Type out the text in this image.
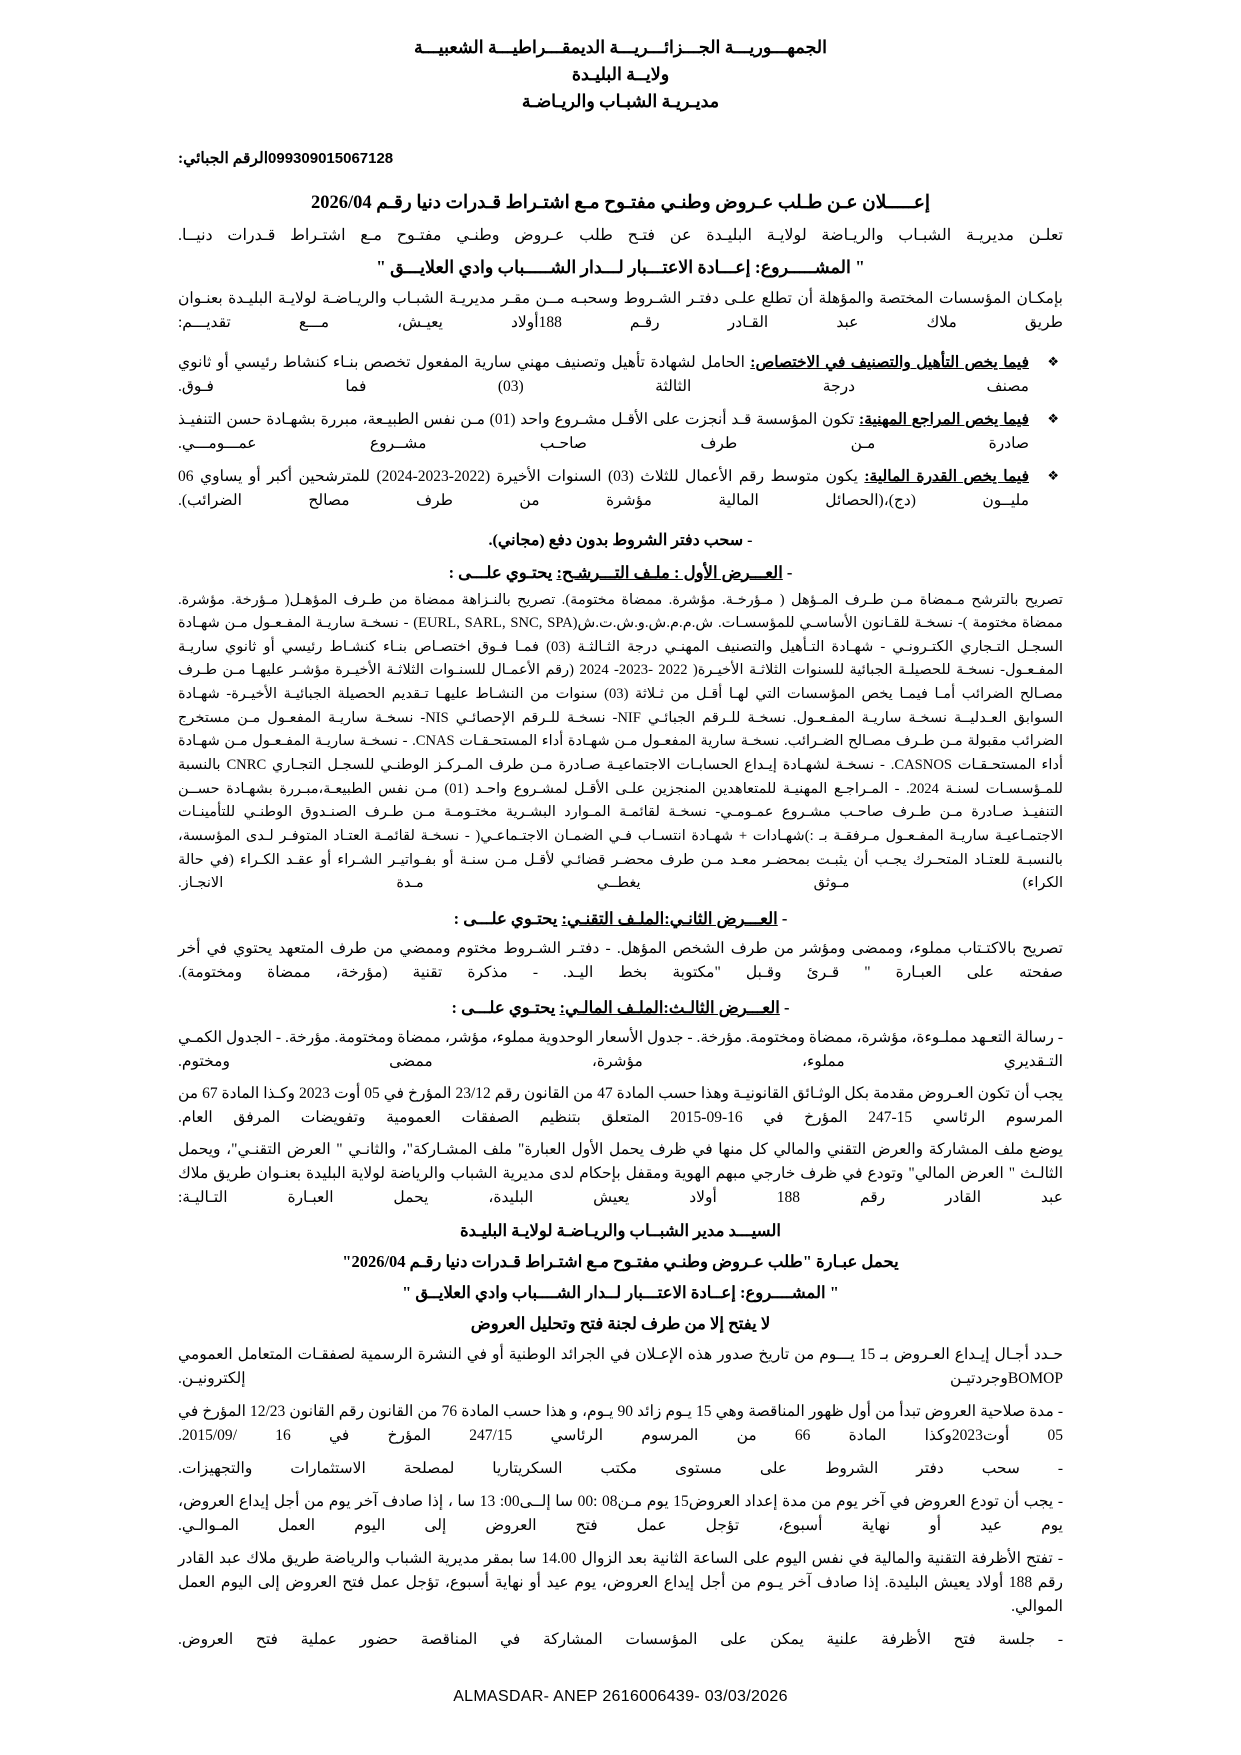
الجمهـــوريـــة الجـــزائـــريـــة الديمقـــراطيـــة الشعبيـــة
ولايــة البليـدة
مديـريـة الشبـاب والريـاضـة
099309015067128الرقم الجبائي:
إعـــــلان عـن طـلب عـروض وطنـي مفتـوح مـع اشتـراط قـدرات دنيا رقـم 2026/04
تعلـن مديريـة الشبـاب والريـاضة لولايـة البليـدة عن فتـح طلب عـروض وطنـي مفتـوح مـع اشتـراط قـدرات دنيــا.
" المشـــــروع: إعـــادة الاعتـــبار لـــدار الشـــــباب وادي العلايـــق "
بإمكـان المؤسسات المختصة والمؤهلة أن تطلع علـى دفتـر الشـروط وسحبـه مــن مقـر مديريـة الشبـاب والريـاضـة لولايـة البليـدة بعنـوان طريق ملاك عبد القـادر رقـم 188أولاد يعيـش، مـــع تقديـــم:
❖
فيما يخص التأهيل والتصنيف في الاختصاص: الحامل لشهادة تأهيل وتصنيف مهني سارية المفعول تخصص بنـاء كنشاط رئيسي أو ثانوي مصنف درجة الثالثة (03) فما فـوق.
❖
فيما يخص المراجع المهنية: تكون المؤسسة قـد أنجزت على الأقـل مشـروع واحد (01) مـن نفس الطبيـعة، مبررة بشهـادة حسن التنفيـذ صادرة مـن طرف صاحـب مشــروع عمـــومـــي.
❖
فيما يخص القدرة المالية: يكون متوسط رقم الأعمال للثلاث (03) السنوات الأخيرة (2022-2023-2024) للمترشحين أكبر أو يساوي 06 مليــون (دج)،(الحصائل المالية مؤشرة من طرف مصالح الضرائب).
- سحب دفتر الشروط بدون دفع (مجاني).
- العـــرض الأول : ملـف التـــرشـح: يحتـوي علـــى :
تصريح بالترشح مـمضاة مـن طـرف المـؤهل ( مـؤرخـة. مؤشرة. ممضاة مختومة). تصريح بالنـزاهة ممضاة من طـرف المؤهـل( مـؤرخة. مؤشرة. ممضاة مختومة )- نسخـة للقـانون الأساسـي للمؤسسـات. ش.م.م.ش.و.ش.ت.ش(EURL, SARL, SNC, SPA) - نسخـة ساريـة المفـعـول مـن شهـادة السجـل التـجاري الكتـرونـي - شهـادة التـأهيل والتصنيف المهنـي درجة الثـالثـة (03) فمـا فـوق اختصـاص بنـاء كنشـاط رئيسي أو ثانوي ساريـة المفـعـول- نسخـة للحصيلـة الجبائية للسنوات الثلاثـة الأخيـرة( 2022 -2023- 2024 (رقم الأعمـال للسنـوات الثلاثـة الأخيـرة مؤشـر عليهـا مـن طـرف مصـالح الضرائب أمـا فيمـا يخص المؤسسات التي لهـا أقـل من ثـلاثة (03) سنوات من النشـاط عليهـا تـقديم الحصيلة الجبائيـة الأخيـرة- شهـادة السوابق العـدليــة نسخـة ساريـة المفـعـول. نسخـة للـرقم الجبائـي NIF- نسخـة للـرقم الإحصائـي NIS- نسخـة ساريـة المفعـول مـن مستخرج الضرائب مقبولة مـن طـرف مصـالح الضـرائب. نسخـة سارية المفعـول مـن شهـادة أداء المستحـقـات CNAS. - نسخـة ساريـة المفـعـول مـن شهـادة أداء المستحـقـات CASNOS. - نسخـة لشهـادة إيـداع الحسابـات الاجتماعيـة صـادرة مـن طرف المـركـز الوطنـي للسجـل التجـاري CNRC بالنسبة للمـؤسسـات لسنـة 2024. - المـراجـع المهنيـة للمتعاهدين المنجزين علـى الأقـل لمشـروع واحـد (01) مـن نفس الطبيعـة،مبـررة بشهـادة حســن التنفيـذ صـادرة مـن طـرف صاحـب مشـروع عمـومـي- نسخـة لقائمـة المـوارد البشـرية مختـومـة مـن طـرف الصنـدوق الوطنـي للتأمينـات الاجتمـاعيـة ساريـة المفـعـول مـرفقـة بـ :)شهـادات + شهـادة انتسـاب فـي الضمـان الاجتـماعـي( - نسخـة لقائمـة العتـاد المتوفـر لـدى المؤسسة، بالنسبـة للعتـاد المتحـرك يجـب أن يثبـت بمحضـر معـد مـن طرف محضـر قضائـي لأقـل مـن سنـة أو بفـواتيـر الشـراء أو عقـد الكـراء (في حالة الكراء) مـوثق يغطــي مـدة الانجـاز.
- العـــرض الثانـي:الملـف التقنـي: يحتـوي علـــى :
تصريح بالاكتـتاب مملوء، وممضى ومؤشر من طرف الشخص المؤهل. - دفتـر الشـروط مختوم وممضي من طرف المتعهد يحتوي في أخر صفحته على العبـارة " قـرئ وقـبل "مكتوبة بخط اليـد. - مذكرة تقنية (مؤرخة، ممضاة ومختومة).
- العـــرض الثالـث:الملـف المالـي: يحتـوي علـــى :
- رسالة التعـهد مملـوءة، مؤشرة، ممضاة ومختومة. مؤرخة. - جدول الأسعار الوحدوية مملوء، مؤشر، ممضاة ومختومة. مؤرخة. - الجدول الكمـي التـقديري مملوء، مؤشرة، ممضى ومختوم.
يجب أن تكون العـروض مقدمة بكل الوثـائق القانونيـة وهذا حسب المادة 47 من القانون رقم 23/12 المؤرخ في 05 أوت 2023 وكـذا المادة 67 من المرسوم الرئاسي 15-247 المؤرخ في 16-09-2015 المتعلق بتنظيم الصفقات العمومية وتفويضات المرفق العام.
يوضع ملف المشاركة والعرض التقني والمالي كل منها في ظرف يحمل الأول العبارة" ملف المشـاركة"، والثانـي " العرض التقنـي"، ويحمل الثالـث " العرض المالي" وتودع في ظرف خارجي مبهم الهوية ومقفل بإحكام لدى مديرية الشباب والرياضة لولاية البليدة بعنـوان طريق ملاك عبد القادر رقم 188 أولاد يعيش البليدة، يحمل العبـارة التـاليـة:
السيـــد مدير الشبــاب والريـاضـة لولايـة البليـدة
يحمل عبـارة "طلب عـروض وطنـي مفتـوح مـع اشتـراط قـدرات دنيا رقـم 2026/04"
" المشــــروع: إعــادة الاعتـــبار لــدار الشــــباب وادي العلايــق "
لا يفتح إلا من طرف لجنة فتح وتحليل العروض

حـدد أجـال إيـداع العـروض بـ 15 يـــوم من تاريخ صدور هذه الإعـلان في الجرائد الوطنية أو في النشرة الرسمية لصفقـات المتعامل العمومي BOMOPوجردتيـن إلكترونيـن.

- مدة صلاحية العروض تبدأ من أول ظهور المناقصة وهي 15 يـوم زائد 90 يـوم، و هذا حسب المادة 76 من القانون رقم القانون 12/23 المؤرخ في 05 أوت2023وكذا المادة 66 من المرسوم الرئاسي 247/15 المؤرخ في 16 /2015/09.

- سحب دفتر الشروط على مستوى مكتب السكريتاريا لمصلحة الاستثمارات والتجهيزات.

- يجب أن تودع العروض في آخر يوم من مدة إعداد العروض15 يوم مـن08 :00 سا إلــى00: 13 سا ، إذا صادف آخر يوم من أجل إيداع العروض، يوم عيد أو نهاية أسبوع، تؤجل عمل فتح العروض إلى اليوم العمل المـوالـي.

- تفتح الأظرفة التقنية والمالية في نفس اليوم على الساعة الثانية بعد الزوال 14.00 سا بمقر مديرية الشباب والرياضة طريق ملاك عبد القادر رقم 188 أولاد يعيش البليدة. إذا صادف آخر يـوم من أجل إيداع العروض، يوم عيد أو نهاية أسبوع، تؤجل عمل فتح العروض إلى اليوم العمل الموالي.

- جلسة فتح الأظرفة علنية يمكن على المؤسسات المشاركة في المناقصة حضور عملية فتح العروض.

ALMASDAR- ANEP 2616006439- 03/03/2026
